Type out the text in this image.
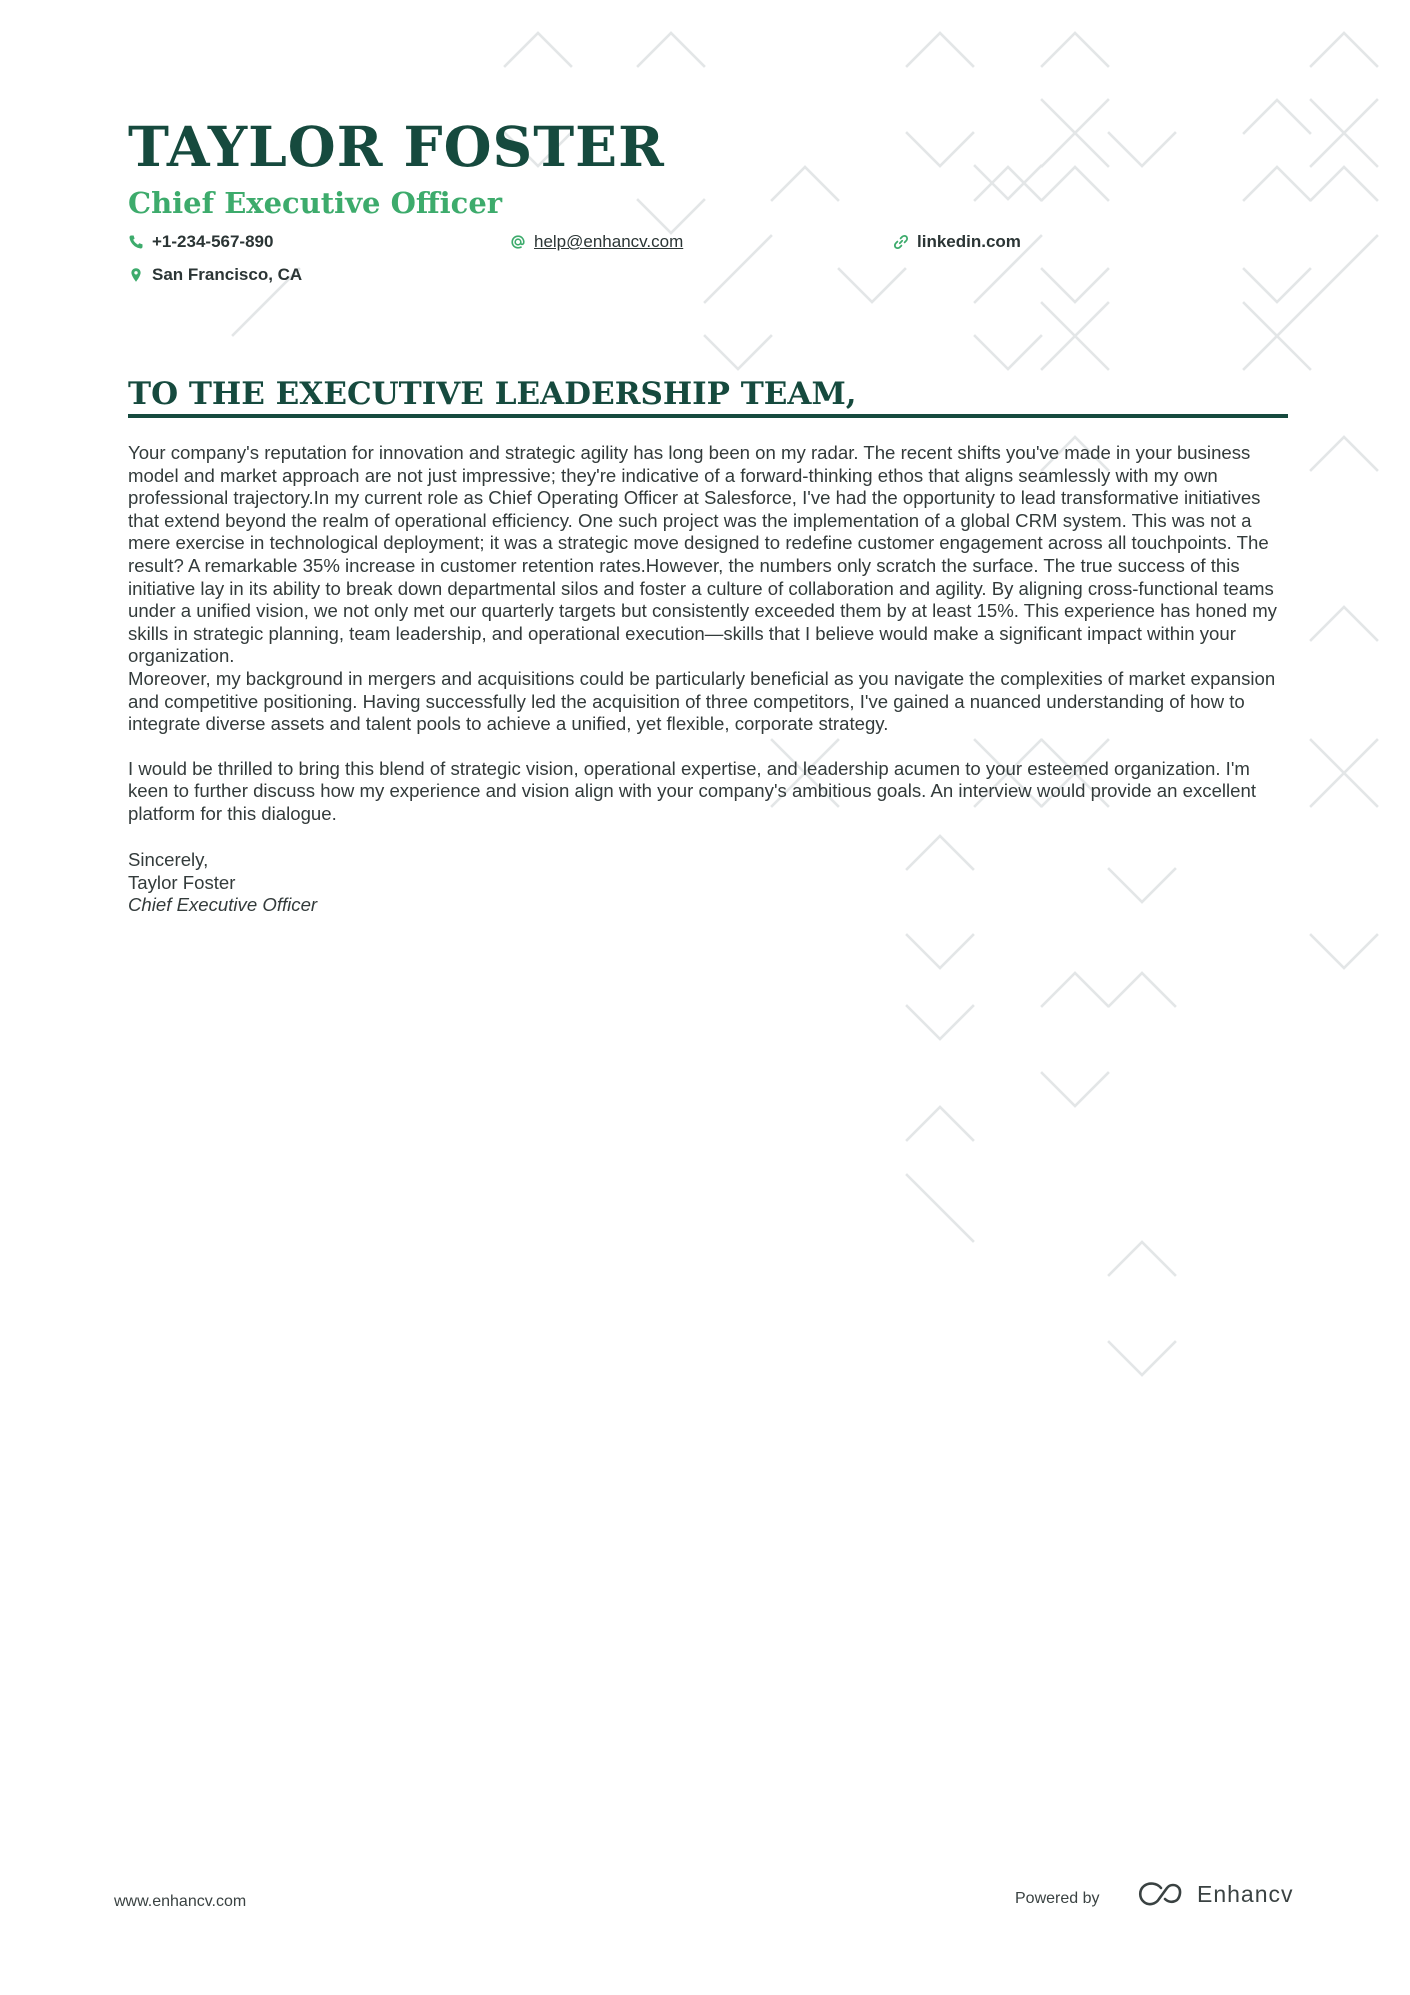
TAYLOR FOSTER
Chief Executive Officer
+1-234-567-890	help@enhancv.com	linkedin.com
San Francisco, CA
TO THE EXECUTIVE LEADERSHIP TEAM,

Your company's reputation for innovation and strategic agility has long been on my radar. The recent shifts you've made in your business model and market approach are not just impressive; they're indicative of a forward-thinking ethos that aligns seamlessly with my own professional trajectory.In my current role as Chief Operating Officer at Salesforce, I've had the opportunity to lead transformative initiatives that extend beyond the realm of operational efficiency. One such project was the implementation of a global CRM system. This was not a mere exercise in technological deployment; it was a strategic move designed to redefine customer engagement across all touchpoints. The result? A remarkable 35% increase in customer retention rates.However, the numbers only scratch the surface. The true success of this initiative lay in its ability to break down departmental silos and foster a culture of collaboration and agility. By aligning cross-functional teams under a unified vision, we not only met our quarterly targets but consistently exceeded them by at least 15%. This experience has honed my skills in strategic planning, team leadership, and operational execution—skills that I believe would make a significant impact within your organization.

Moreover, my background in mergers and acquisitions could be particularly beneficial as you navigate the complexities of market expansion and competitive positioning. Having successfully led the acquisition of three competitors, I've gained a nuanced understanding of how to integrate diverse assets and talent pools to achieve a unified, yet flexible, corporate strategy.

I would be thrilled to bring this blend of strategic vision, operational expertise, and leadership acumen to your esteemed organization. I'm keen to further discuss how my experience and vision align with your company's ambitious goals. An interview would provide an excellent platform for this dialogue.

Sincerely,
Taylor Foster
Chief Executive Officer
www.enhancv.com	Powered by	Enhancv
